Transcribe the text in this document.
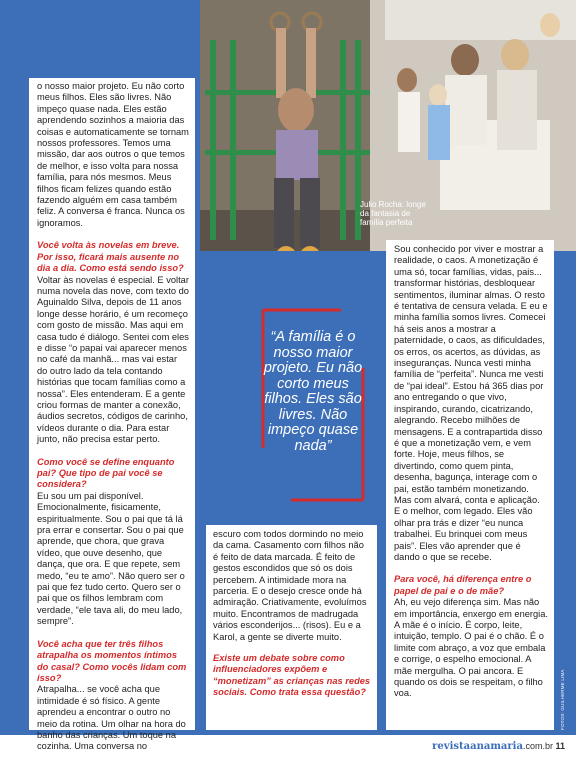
Julio Rocha: longe da fantasia de família perfeita

o nosso maior projeto. Eu não corto meus filhos. Eles são livres. Não impeço quase nada. Eles estão aprendendo sozinhos a maioria das coisas e automaticamente se tornam nossos professores. Temos uma missão, dar aos outros o que temos de melhor, e isso volta para nossa família, para nós mesmos. Meus filhos ficam felizes quando estão fazendo alguém em casa também feliz. A conversa é franca. Nunca os ignoramos.

Você volta às novelas em breve. Por isso, ficará mais ausente no dia a dia. Como está sendo isso?

Voltar às novelas é especial. E voltar numa novela das nove, com texto do Aguinaldo Silva, depois de 11 anos longe desse horário, é um recomeço com gosto de missão. Mas aqui em casa tudo é diálogo. Sentei com eles e disse “o papai vai aparecer menos no café da manhã... mas vai estar do outro lado da tela contando histórias que tocam famílias como a nossa”. Eles entenderam. E a gente criou formas de manter a conexão, áudios secretos, códigos de carinho, vídeos durante o dia. Para estar junto, não precisa estar perto.

Como você se define enquanto pai? Que tipo de pai você se considera?

Eu sou um pai disponível. Emocionalmente, fisicamente, espiritualmente. Sou o pai que tá lá pra errar e consertar. Sou o pai que aprende, que chora, que grava vídeo, que ouve desenho, que dança, que ora. E que repete, sem medo, “eu te amo”. Não quero ser o pai que fez tudo certo. Quero ser o pai que os filhos lembram com verdade, “ele tava ali, do meu lado, sempre”.

Você acha que ter três filhos atrapalha os momentos íntimos do casal? Como vocês lidam com isso?

Atrapalha... se você acha que intimidade é só físico. A gente aprendeu a encontrar o outro no meio da rotina. Um olhar na hora do banho das crianças. Um toque na cozinha. Uma conversa no

“A família é o nosso maior projeto. Eu não corto meus filhos. Eles são livres. Não impeço quase nada”

escuro com todos dormindo no meio da cama. Casamento com filhos não é feito de data marcada. É feito de gestos escondidos que só os dois percebem. A intimidade mora na parceria. E o desejo cresce onde há admiração. Criativamente, evoluímos muito. Encontramos de madrugada vários esconderijos... (risos). Eu e a Karol, a gente se diverte muito.

Existe um debate sobre como influenciadores expõem e “monetizam” as crianças nas redes sociais. Como trata essa questão?

Sou conhecido por viver e mostrar a realidade, o caos. A monetização é uma só, tocar famílias, vidas, pais... transformar histórias, desbloquear sentimentos, iluminar almas. O resto é tentativa de censura velada. E eu e minha família somos livres. Comecei há seis anos a mostrar a paternidade, o caos, as dificuldades, os erros, os acertos, as dúvidas, as inseguranças. Nunca vesti minha família de “perfeita”. Nunca me vesti de “pai ideal”. Estou há 365 dias por ano entregando o que vivo, inspirando, curando, cicatrizando, alegrando. Recebo milhões de mensagens. E a contrapartida disso é que a monetização vem, e vem forte. Hoje, meus filhos, se divertindo, como quem pinta, desenha, bagunça, interage com o pai, estão também monetizando. Mas com alvará, conta e aplicação. E o melhor, com legado. Eles vão olhar pra trás e dizer “eu nunca trabalhei. Eu brinquei com meus pais”. Eles vão aprender que é dando o que se recebe.

Para você, há diferença entre o papel de pai e o de mãe?

Ah, eu vejo diferença sim. Mas não em importância, enxergo em energia. A mãe é o início. É corpo, leite, intuição, templo. O pai é o chão. É o limite com abraço, a voz que embala e corrige, o espelho emocional. A mãe mergulha. O pai ancora. E quando os dois se respeitam, o filho voa.	FOTOS: GUILHERME LIMA
revistaanamaria.com.br 11
